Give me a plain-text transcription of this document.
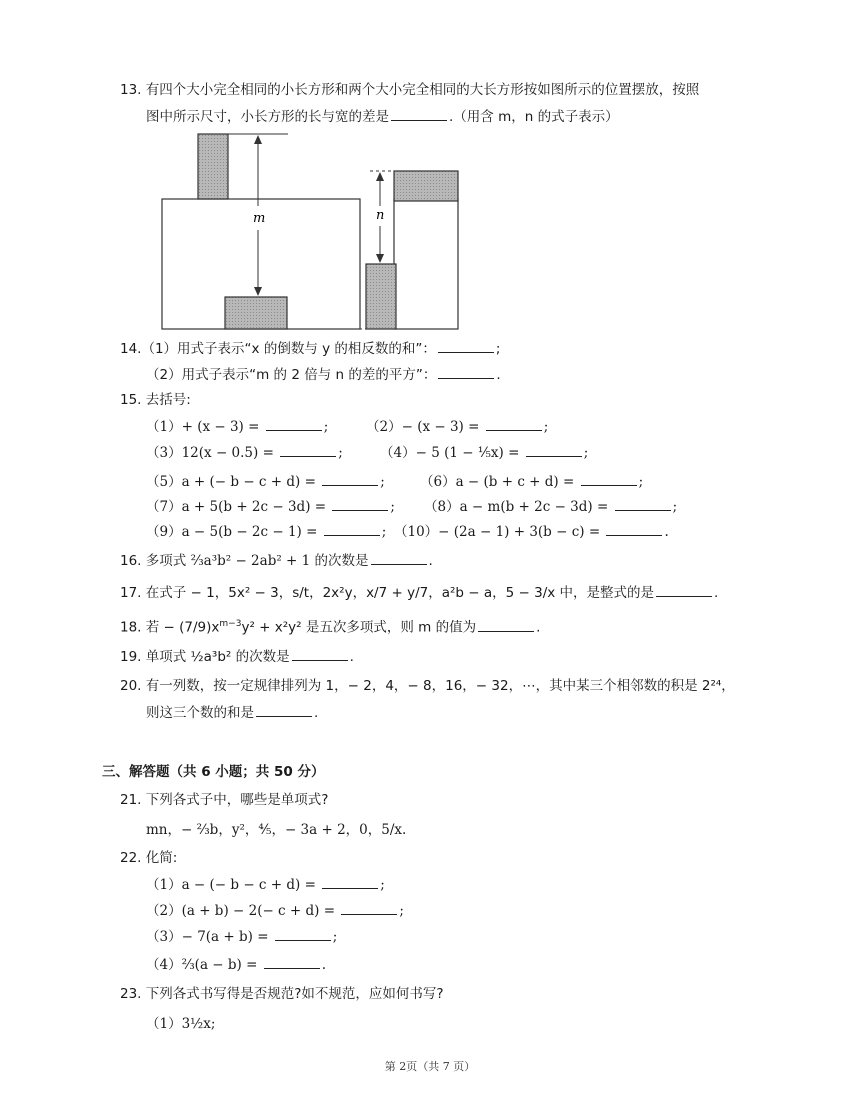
13. 有四个大小完全相同的小长方形和两个大小完全相同的大长方形按如图所示的位置摆放，按照
图中所示尺寸，小长方形的长与宽的差是	.（用含 m，n 的式子表示）
m	n
14.（1）用式子表示“x 的倒数与 y 的相反数的和”：	;
（2）用式子表示“m 的 2 倍与 n 的差的平方”：	.
15. 去括号:
（1）+ (x − 3) =	;	（2）− (x − 3) =	;
（3）12(x − 0.5) =	;	（4）− 5 (1 − ⅕x) =	;
（5）a + (− b − c + d) =	;	（6）a − (b + c + d) =	;
（7）a + 5(b + 2c − 3d) =	; （8）a − m(b + 2c − 3d) =	;
（9）a − 5(b − 2c − 1) =	; （10）− (2a − 1) + 3(b − c) =	.
16. 多项式 ⅔a³b² − 2ab² + 1 的次数是	.
17. 在式子 − 1，5x² − 3，s/t，2x²y，x/7 + y/7，a²b − a，5 − 3/x 中，是整式的是	.
18. 若 − $(7/9)x^{m-3}y^2 + x^2y^2$ 是五次多项式，则 m 的值为	.
19. 单项式 ½a³b² 的次数是	.
20. 有一列数，按一定规律排列为 1，− 2，4，− 8，16，− 32，⋯，其中某三个相邻数的积是 2²⁴，
则这三个数的和是	.
三、解答题（共 6 小题；共 50 分）
21. 下列各式子中，哪些是单项式?
mn，− ⅔b，y²，⅘，− 3a + 2，0，5/x.
22. 化简:
（1）a − (− b − c + d) =	;
（2）(a + b) − 2(− c + d) =	;
（3）− 7(a + b) =	;
（4）⅔(a − b) =	.
23. 下列各式书写得是否规范?如不规范，应如何书写?
（1）3½x;
第 2页（共 7 页）
